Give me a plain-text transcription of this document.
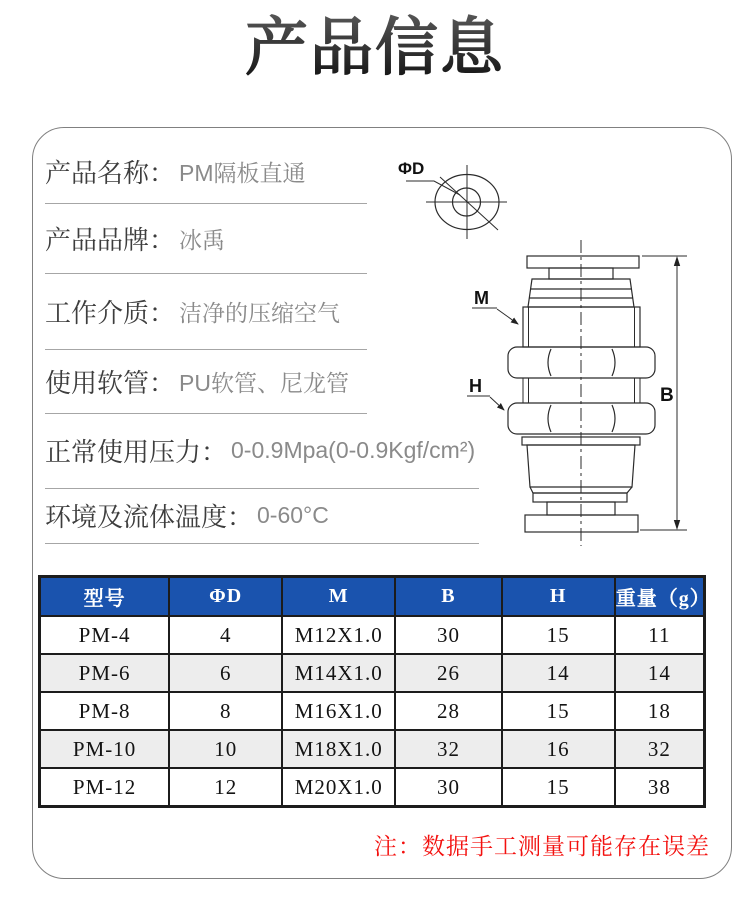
产品信息
产品名称： PM隔板直通
产品品牌： 冰禹
工作介质： 洁净的压缩空气
使用软管： PU软管、尼龙管
正常使用压力： 0-0.9Mpa(0-0.9Kgf/cm²)
环境及流体温度： 0-60°C
ΦD
B
M
H
型号	ΦD	M	B	H	重量（g）
PM-4	4	M12X1.0	30	15	11
PM-6	6	M14X1.0	26	14	14
PM-8	8	M16X1.0	28	15	18
PM-10	10	M18X1.0	32	16	32
PM-12	12	M20X1.0	30	15	38
注：数据手工测量可能存在误差
